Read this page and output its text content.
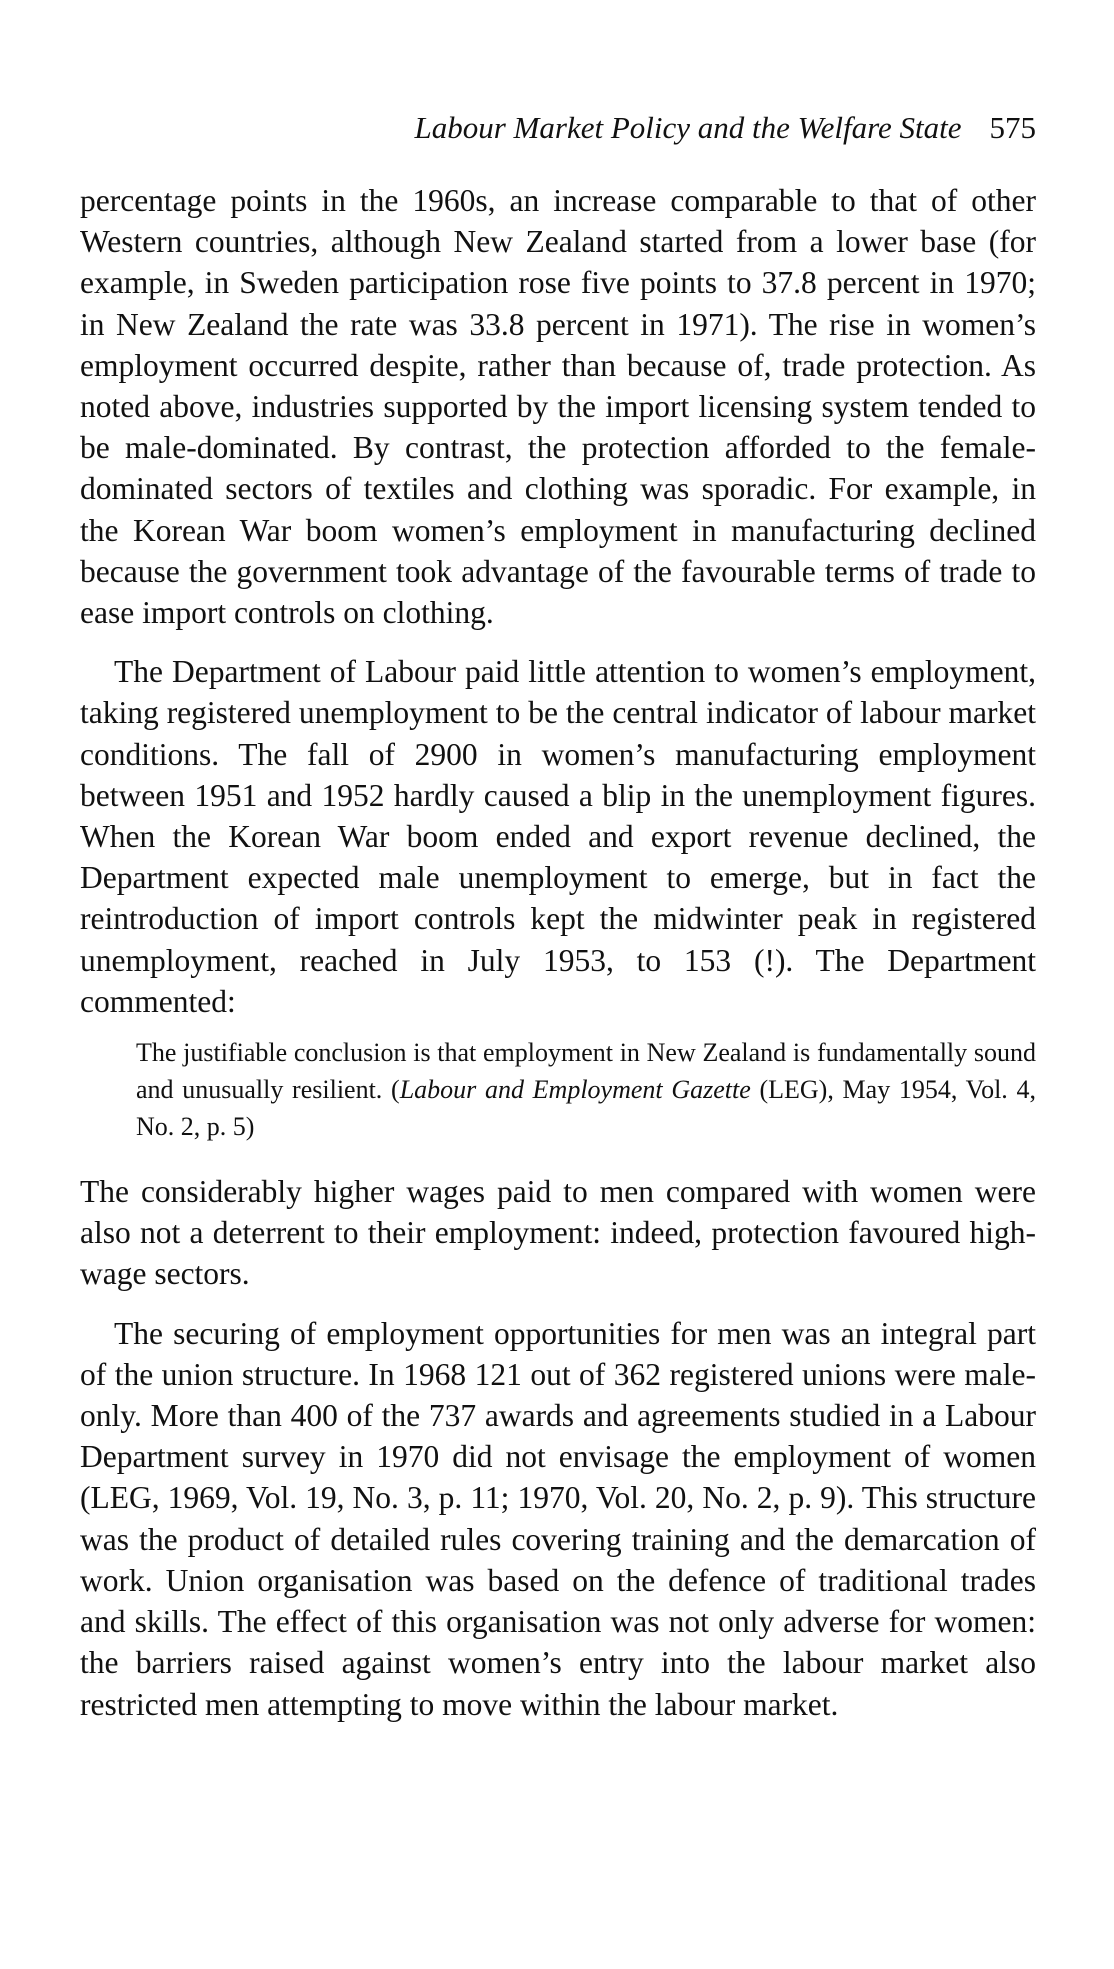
Labour Market Policy and the Welfare State 575

percentage points in the 1960s, an increase comparable to that of other Western countries, although New Zealand started from a lower base (for example, in Sweden participation rose five points to 37.8 percent in 1970; in New Zealand the rate was 33.8 percent in 1971). The rise in women’s employment occurred despite, rather than because of, trade protection. As noted above, industries supported by the import licensing system tended to be male-dominated. By contrast, the protection afforded to the female-dominated sectors of textiles and clothing was sporadic. For example, in the Korean War boom women’s employment in manufacturing declined because the government took advantage of the favourable terms of trade to ease import controls on clothing.

The Department of Labour paid little attention to women’s employment, taking registered unemployment to be the central indicator of labour market conditions. The fall of 2900 in women’s manufacturing employment between 1951 and 1952 hardly caused a blip in the unemployment figures. When the Korean War boom ended and export revenue declined, the Department expected male unemployment to emerge, but in fact the reintroduction of import controls kept the midwinter peak in registered unemployment, reached in July 1953, to 153 (!). The Department commented:

The justifiable conclusion is that employment in New Zealand is fundamentally sound and unusually resilient. (Labour and Employment Gazette (LEG), May 1954, Vol. 4, No. 2, p. 5)

The considerably higher wages paid to men compared with women were also not a deterrent to their employment: indeed, protection favoured high-wage sectors.

The securing of employment opportunities for men was an integral part of the union structure. In 1968 121 out of 362 registered unions were male-only. More than 400 of the 737 awards and agreements studied in a Labour Department survey in 1970 did not envisage the employment of women (LEG, 1969, Vol. 19, No. 3, p. 11; 1970, Vol. 20, No. 2, p. 9). This structure was the product of detailed rules covering training and the demarcation of work. Union organisation was based on the defence of traditional trades and skills. The effect of this organisation was not only adverse for women: the barriers raised against women’s entry into the labour market also restricted men attempting to move within the labour market.
